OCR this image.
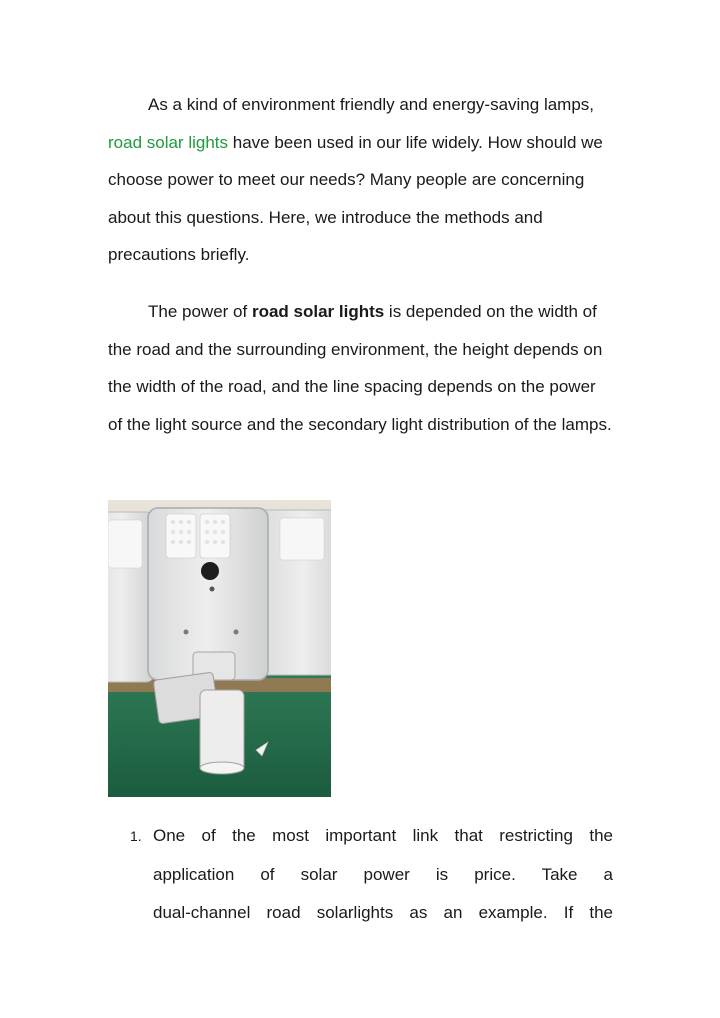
As a kind of environment friendly and energy-saving lamps, road solar lights have been used in our life widely. How should we choose power to meet our needs? Many people are concerning about this questions. Here, we introduce the methods and precautions briefly.

The power of road solar lights is depended on the width of the road and the surrounding environment, the height depends on the width of the road, and the line spacing depends on the power of the light source and the secondary light distribution of the lamps.

1. One of the most important link that restricting the
application of solar power is price. Take a
dual-channel road solarlights as an example. If the
